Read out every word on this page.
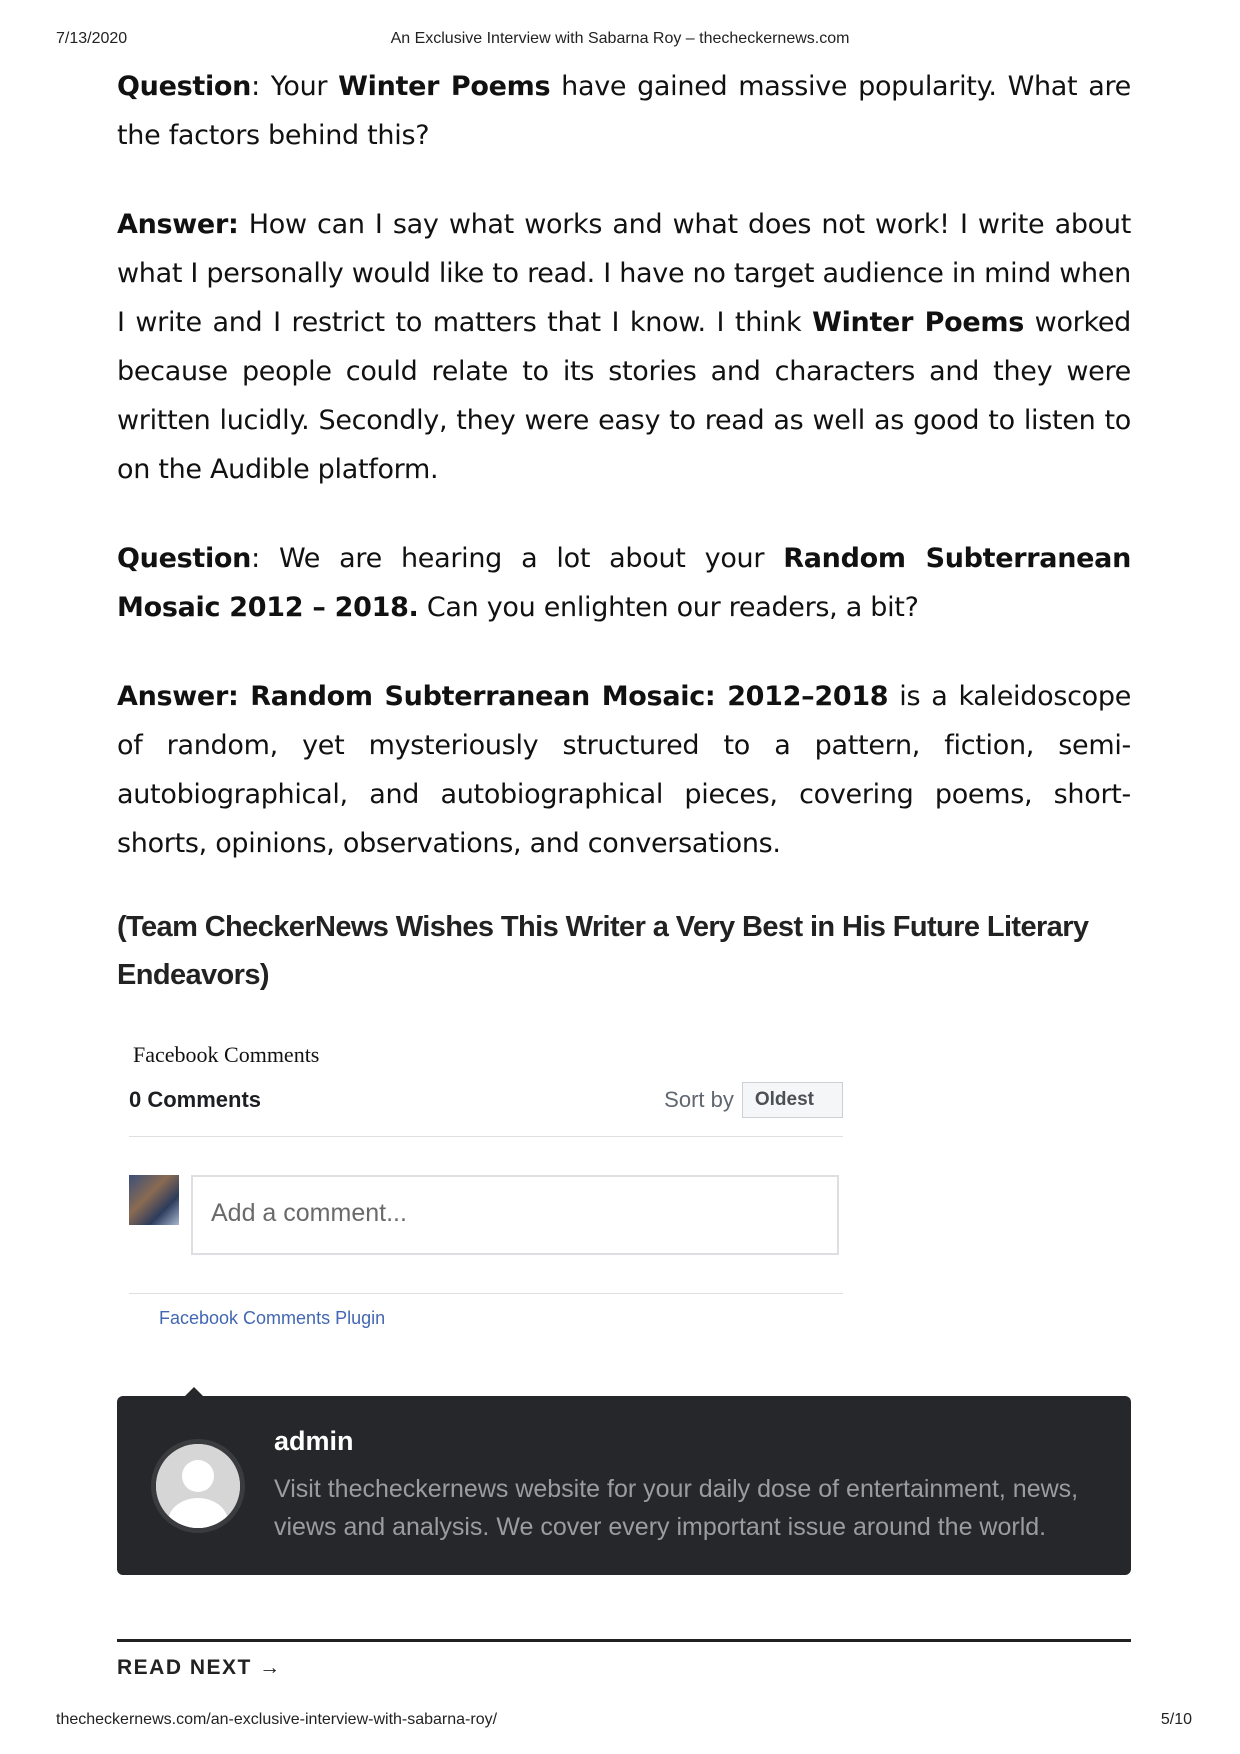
7/13/2020	An Exclusive Interview with Sabarna Roy – thecheckernews.com

Question: Your Winter Poems have gained massive popularity. What are the factors behind this?

Answer: How can I say what works and what does not work! I write about what I personally would like to read. I have no target audience in mind when I write and I restrict to matters that I know. I think Winter Poems worked because people could relate to its stories and characters and they were written lucidly. Secondly, they were easy to read as well as good to listen to on the Audible platform.

Question: We are hearing a lot about your Random Subterranean Mosaic 2012 – 2018. Can you enlighten our readers, a bit?

Answer: Random Subterranean Mosaic: 2012–2018 is a kaleidoscope of random, yet mysteriously structured to a pattern, fiction, semi-autobiographical, and autobiographical pieces, covering poems, short-shorts, opinions, observations, and conversations.

(Team CheckerNews Wishes This Writer a Very Best in His Future Literary Endeavors)
Facebook Comments
0 Comments	Sort by	Oldest
Add a comment...
Facebook Comments Plugin
admin
Visit thecheckernews website for your daily dose of entertainment, news, views and analysis. We cover every important issue around the world.
READ NEXT →
thecheckernews.com/an-exclusive-interview-with-sabarna-roy/	5/10
